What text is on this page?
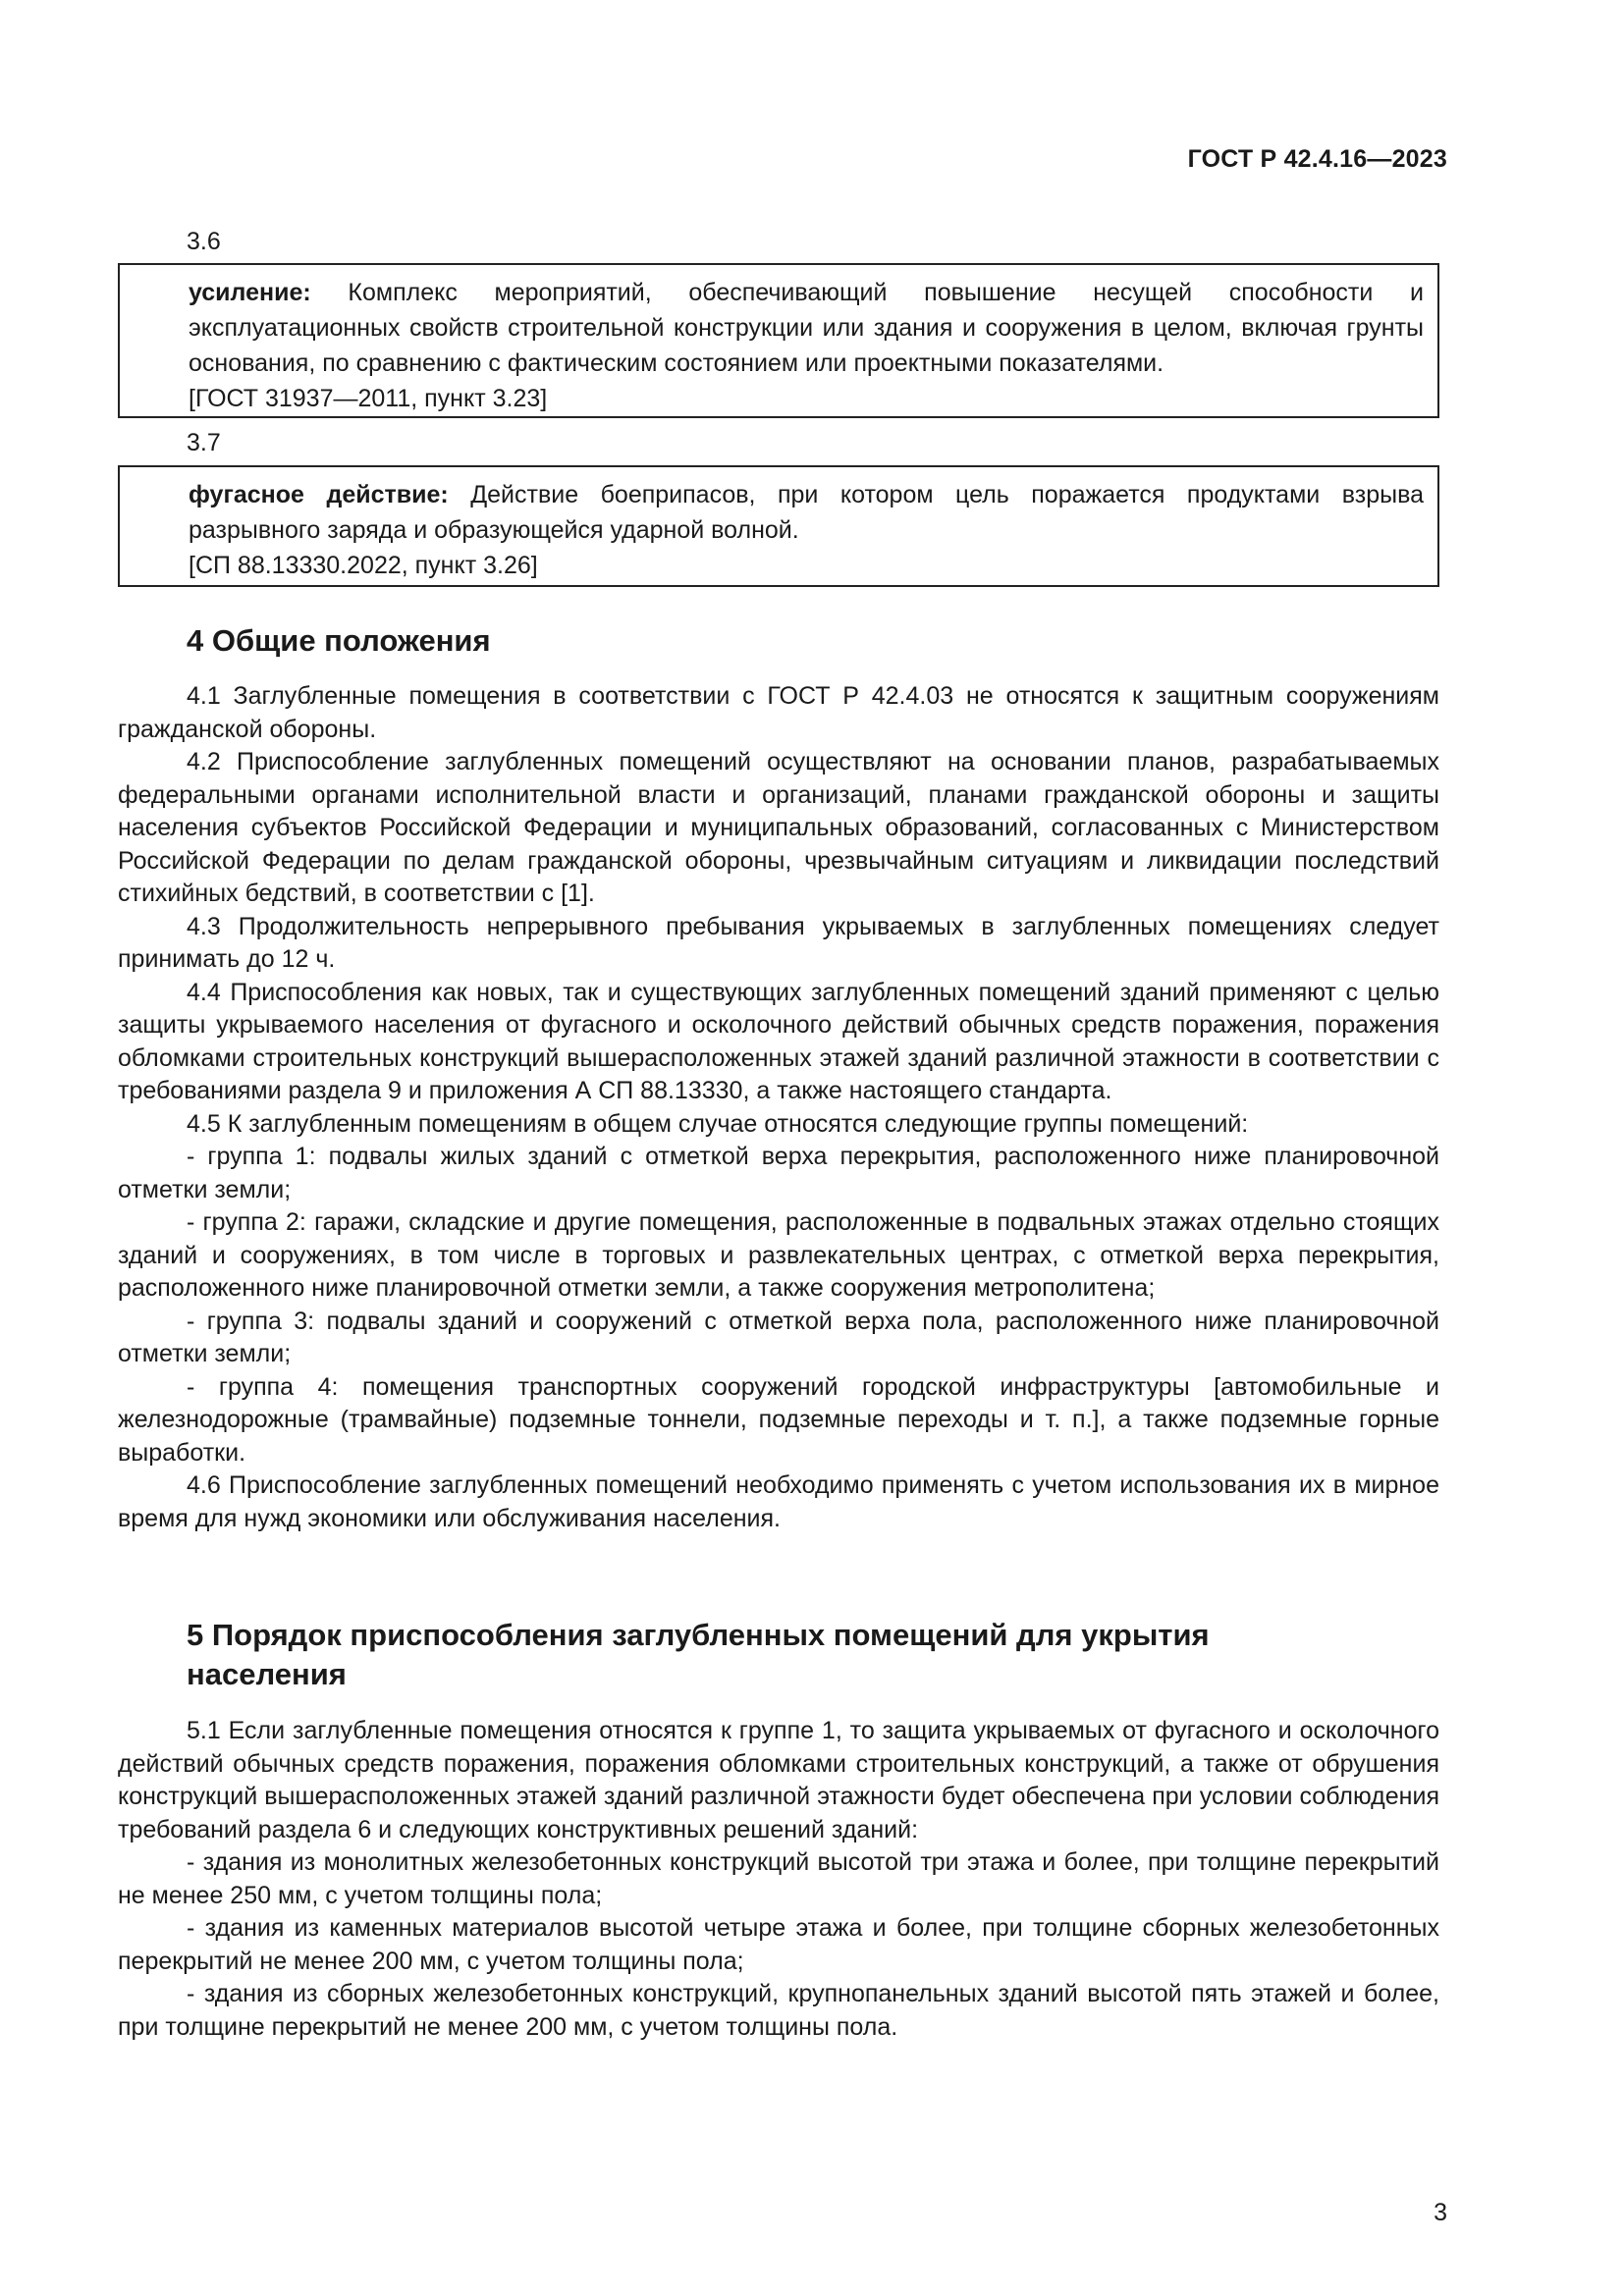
ГОСТ Р 42.4.16—2023
3.6
усиление: Комплекс мероприятий, обеспечивающий повышение несущей способности и эксплуатационных свойств строительной конструкции или здания и сооружения в целом, включая грунты основания, по сравнению с фактическим состоянием или проектными показателями.
[ГОСТ 31937—2011, пункт 3.23]
3.7
фугасное действие: Действие боеприпасов, при котором цель поражается продуктами взрыва разрывного заряда и образующейся ударной волной.
[СП 88.13330.2022, пункт 3.26]
4 Общие положения

4.1 Заглубленные помещения в соответствии с ГОСТ Р 42.4.03 не относятся к защитным сооружениям гражданской обороны.

4.2 Приспособление заглубленных помещений осуществляют на основании планов, разрабатываемых федеральными органами исполнительной власти и организаций, планами гражданской обороны и защиты населения субъектов Российской Федерации и муниципальных образований, согласованных с Министерством Российской Федерации по делам гражданской обороны, чрезвычайным ситуациям и ликвидации последствий стихийных бедствий, в соответствии с [1].

4.3 Продолжительность непрерывного пребывания укрываемых в заглубленных помещениях следует принимать до 12 ч.

4.4 Приспособления как новых, так и существующих заглубленных помещений зданий применяют с целью защиты укрываемого населения от фугасного и осколочного действий обычных средств поражения, поражения обломками строительных конструкций вышерасположенных этажей зданий различной этажности в соответствии с требованиями раздела 9 и приложения А СП 88.13330, а также настоящего стандарта.

4.5 К заглубленным помещениям в общем случае относятся следующие группы помещений:

- группа 1: подвалы жилых зданий с отметкой верха перекрытия, расположенного ниже планировочной отметки земли;

- группа 2: гаражи, складские и другие помещения, расположенные в подвальных этажах отдельно стоящих зданий и сооружениях, в том числе в торговых и развлекательных центрах, с отметкой верха перекрытия, расположенного ниже планировочной отметки земли, а также сооружения метрополитена;

- группа 3: подвалы зданий и сооружений с отметкой верха пола, расположенного ниже планировочной отметки земли;

- группа 4: помещения транспортных сооружений городской инфраструктуры [автомобильные и железнодорожные (трамвайные) подземные тоннели, подземные переходы и т. п.], а также подземные горные выработки.

4.6 Приспособление заглубленных помещений необходимо применять с учетом использования их в мирное время для нужд экономики или обслуживания населения.

5 Порядок приспособления заглубленных помещений для укрытия населения

5.1 Если заглубленные помещения относятся к группе 1, то защита укрываемых от фугасного и осколочного действий обычных средств поражения, поражения обломками строительных конструкций, а также от обрушения конструкций вышерасположенных этажей зданий различной этажности будет обеспечена при условии соблюдения требований раздела 6 и следующих конструктивных решений зданий:

- здания из монолитных железобетонных конструкций высотой три этажа и более, при толщине перекрытий не менее 250 мм, с учетом толщины пола;

- здания из каменных материалов высотой четыре этажа и более, при толщине сборных железобетонных перекрытий не менее 200 мм, с учетом толщины пола;

- здания из сборных железобетонных конструкций, крупнопанельных зданий высотой пять этажей и более, при толщине перекрытий не менее 200 мм, с учетом толщины пола.

3
